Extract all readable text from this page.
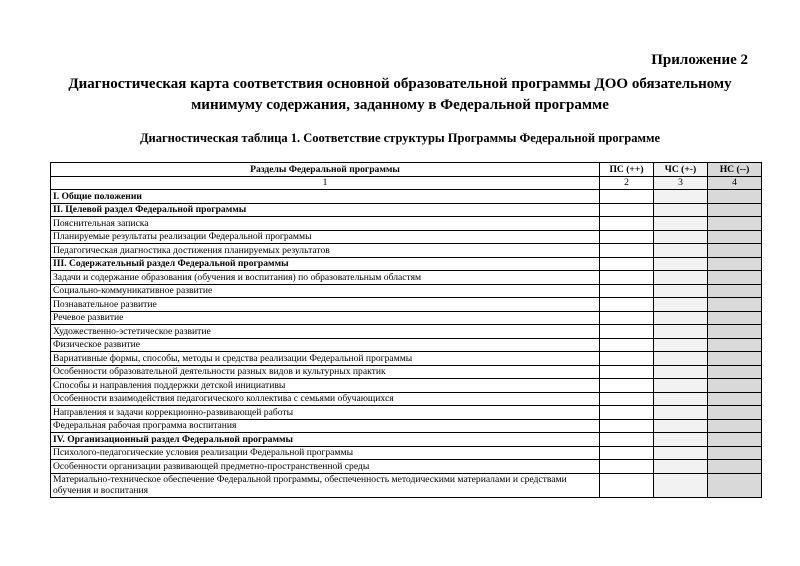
Приложение 2
Диагностическая карта соответствия основной образовательной программы ДОО обязательному
минимуму содержания, заданному в Федеральной программе
Диагностическая таблица 1. Соответствие структуры Программы Федеральной программе
Разделы Федеральной программы	ПС (++)	ЧС (+-)	НС (--)
1	2	3	4
I. Общие положении			
II. Целевой раздел Федеральной программы			
Пояснительная записка			
Планируемые результаты реализации Федеральной программы			
Педагогическая диагностика достижения планируемых результатов			
III. Содержательный раздел Федеральной программы			
Задачи и содержание образования (обучения и воспитания) по образовательным областям			
Социально-коммуникативное развитие			
Познавательное развитие			
Речевое развитие			
Художественно-эстетическое развитие			
Физическое развитие			
Вариативные формы, способы, методы и средства реализации Федеральной программы			
Особенности образовательной деятельности разных видов и культурных практик			
Способы и направления поддержки детской инициативы			
Особенности взаимодействия педагогического коллектива с семьями обучающихся			
Направления и задачи коррекционно-развивающей работы			
Федеральная рабочая программа воспитания			
IV. Организационный раздел Федеральной программы			
Психолого-педагогические условия реализации Федеральной программы			
Особенности организации развивающей предметно-пространственной среды			
Материально-техническое обеспечение Федеральной программы, обеспеченность методическими материалами и средствами обучения и воспитания			
